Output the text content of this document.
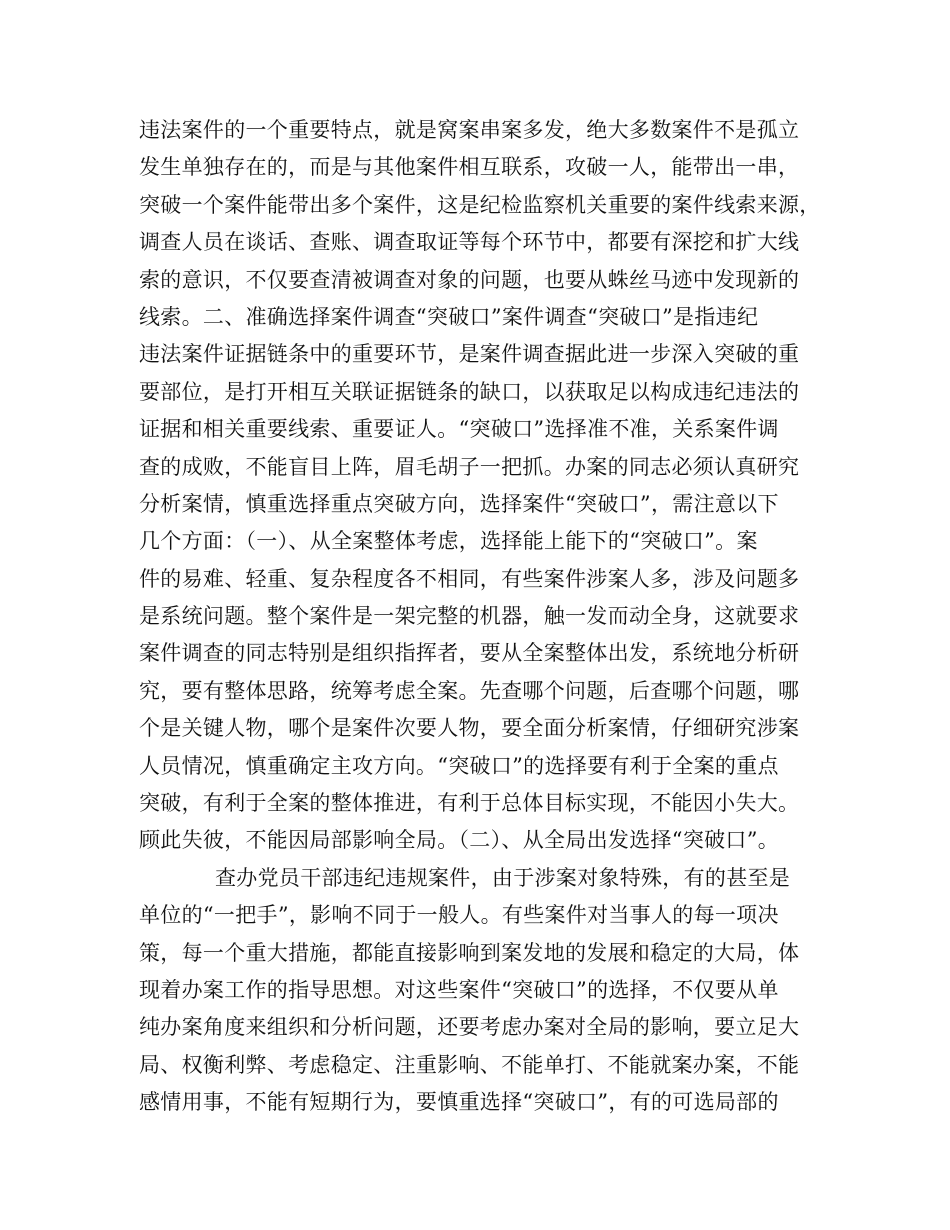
违法案件的一个重要特点，就是窝案串案多发，绝大多数案件不是孤立
发生单独存在的，而是与其他案件相互联系，攻破一人，能带出一串，
突破一个案件能带出多个案件，这是纪检监察机关重要的案件线索来源，
调查人员在谈话、查账、调查取证等每个环节中，都要有深挖和扩大线
索的意识，不仅要查清被调查对象的问题，也要从蛛丝马迹中发现新的
线索。二、准确选择案件调查“突破口”案件调查“突破口”是指违纪
违法案件证据链条中的重要环节，是案件调查据此进一步深入突破的重
要部位，是打开相互关联证据链条的缺口，以获取足以构成违纪违法的
证据和相关重要线索、重要证人。“突破口”选择准不准，关系案件调
查的成败，不能盲目上阵，眉毛胡子一把抓。办案的同志必须认真研究
分析案情，慎重选择重点突破方向，选择案件“突破口”，需注意以下
几个方面：（一）、从全案整体考虑，选择能上能下的“突破口”。案
件的易难、轻重、复杂程度各不相同，有些案件涉案人多，涉及问题多
是系统问题。整个案件是一架完整的机器，触一发而动全身，这就要求
案件调查的同志特别是组织指挥者，要从全案整体出发，系统地分析研
究，要有整体思路，统筹考虑全案。先查哪个问题，后查哪个问题，哪
个是关键人物，哪个是案件次要人物，要全面分析案情，仔细研究涉案
人员情况，慎重确定主攻方向。“突破口”的选择要有利于全案的重点
突破，有利于全案的整体推进，有利于总体目标实现，不能因小失大。
顾此失彼，不能因局部影响全局。（二）、从全局出发选择“突破口”。
查办党员干部违纪违规案件，由于涉案对象特殊，有的甚至是
单位的“一把手”，影响不同于一般人。有些案件对当事人的每一项决
策，每一个重大措施，都能直接影响到案发地的发展和稳定的大局，体
现着办案工作的指导思想。对这些案件“突破口”的选择，不仅要从单
纯办案角度来组织和分析问题，还要考虑办案对全局的影响，要立足大
局、权衡利弊、考虑稳定、注重影响、不能单打、不能就案办案，不能
感情用事，不能有短期行为，要慎重选择“突破口”，有的可选局部的
